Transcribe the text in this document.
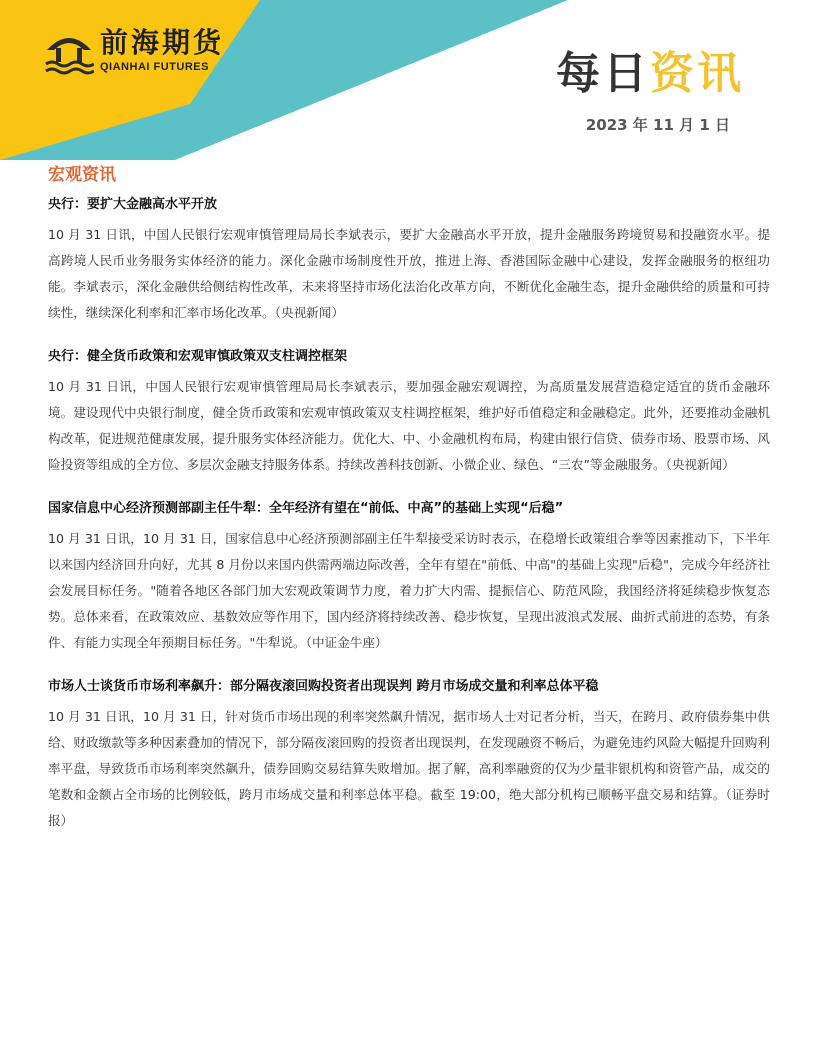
前海期货
QIANHAI FUTURES	每日资讯
2023 年 11 月 1 日
宏观资讯

央行：要扩大金融高水平开放

10 月 31 日讯，中国人民银行宏观审慎管理局局长李斌表示，要扩大金融高水平开放，提升金融服务跨境贸易和投融资水平。提高跨境人民币业务服务实体经济的能力。深化金融市场制度性开放，推进上海、香港国际金融中心建设，发挥金融服务的枢纽功能。李斌表示，深化金融供给侧结构性改革，未来将坚持市场化法治化改革方向，不断优化金融生态，提升金融供给的质量和可持续性，继续深化利率和汇率市场化改革。（央视新闻）

央行：健全货币政策和宏观审慎政策双支柱调控框架

10 月 31 日讯，中国人民银行宏观审慎管理局局长李斌表示，要加强金融宏观调控，为高质量发展营造稳定适宜的货币金融环境。建设现代中央银行制度，健全货币政策和宏观审慎政策双支柱调控框架，维护好币值稳定和金融稳定。此外，还要推动金融机构改革，促进规范健康发展，提升服务实体经济能力。优化大、中、小金融机构布局，构建由银行信贷、债券市场、股票市场、风险投资等组成的全方位、多层次金融支持服务体系。持续改善科技创新、小微企业、绿色、“三农”等金融服务。（央视新闻）

国家信息中心经济预测部副主任牛犁：全年经济有望在“前低、中高”的基础上实现“后稳”

10 月 31 日讯，10 月 31 日，国家信息中心经济预测部副主任牛犁接受采访时表示，在稳增长政策组合拳等因素推动下，下半年以来国内经济回升向好，尤其 8 月份以来国内供需两端边际改善，全年有望在"前低、中高"的基础上实现"后稳"，完成今年经济社会发展目标任务。"随着各地区各部门加大宏观政策调节力度，着力扩大内需、提振信心、防范风险，我国经济将延续稳步恢复态势。总体来看，在政策效应、基数效应等作用下，国内经济将持续改善、稳步恢复，呈现出波浪式发展、曲折式前进的态势，有条件、有能力实现全年预期目标任务。"牛犁说。（中证金牛座）

市场人士谈货币市场利率飙升：部分隔夜滚回购投资者出现误判 跨月市场成交量和利率总体平稳

10 月 31 日讯，10 月 31 日，针对货币市场出现的利率突然飙升情况，据市场人士对记者分析，当天，在跨月、政府债券集中供给、财政缴款等多种因素叠加的情况下，部分隔夜滚回购的投资者出现误判，在发现融资不畅后，为避免违约风险大幅提升回购利率平盘，导致货币市场利率突然飙升，债券回购交易结算失败增加。据了解，高利率融资的仅为少量非银机构和资管产品，成交的笔数和金额占全市场的比例较低，跨月市场成交量和利率总体平稳。截至 19:00，绝大部分机构已顺畅平盘交易和结算。（证券时报）
